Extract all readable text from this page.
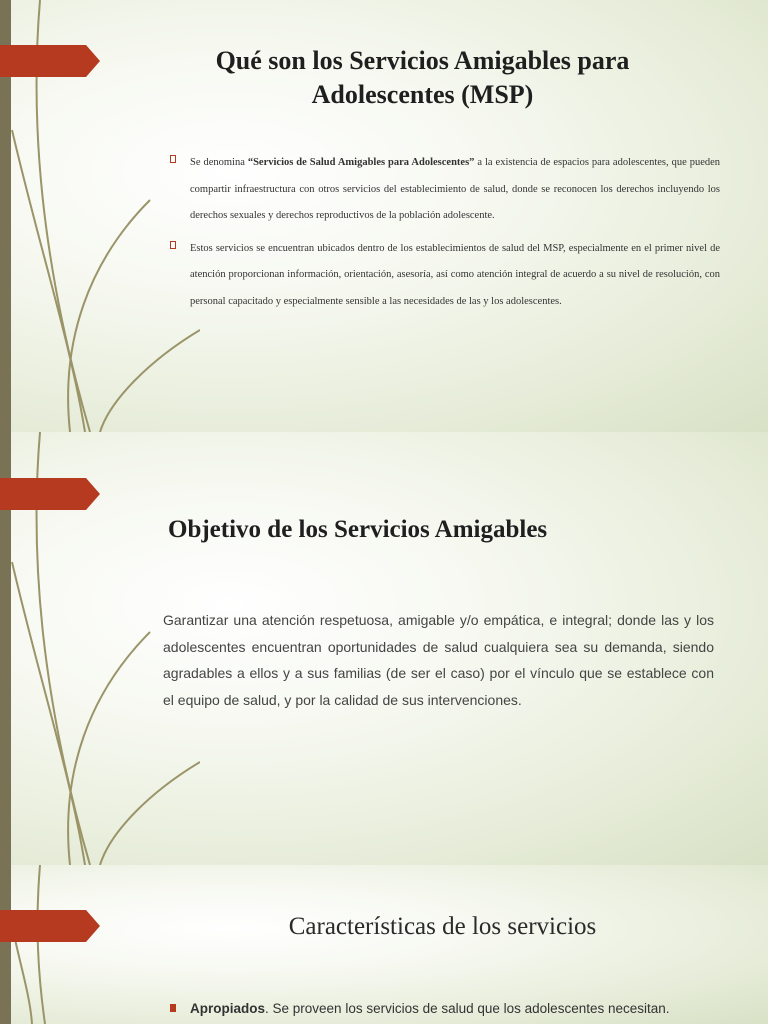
Qué son los Servicios Amigables para Adolescentes (MSP)
Se denomina “Servicios de Salud Amigables para Adolescentes” a la existencia de espacios para adolescentes, que pueden compartir infraestructura con otros servicios del establecimiento de salud, donde se reconocen los derechos incluyendo los derechos sexuales y derechos reproductivos de la población adolescente.
Estos servicios se encuentran ubicados dentro de los establecimientos de salud del MSP, especialmente en el primer nivel de atención proporcionan información, orientación, asesoría, así como atención integral de acuerdo a su nivel de resolución, con personal capacitado y especialmente sensible a las necesidades de las y los adolescentes.
Objetivo de los Servicios Amigables
Garantizar una atención respetuosa, amigable y/o empática, e integral; donde las y los adolescentes encuentran oportunidades de salud cualquiera sea su demanda, siendo agradables a ellos y a sus familias (de ser el caso) por el vínculo que se establece con el equipo de salud, y por la calidad de sus intervenciones.
Características de los servicios
Apropiados. Se proveen los servicios de salud que los adolescentes necesitan.
